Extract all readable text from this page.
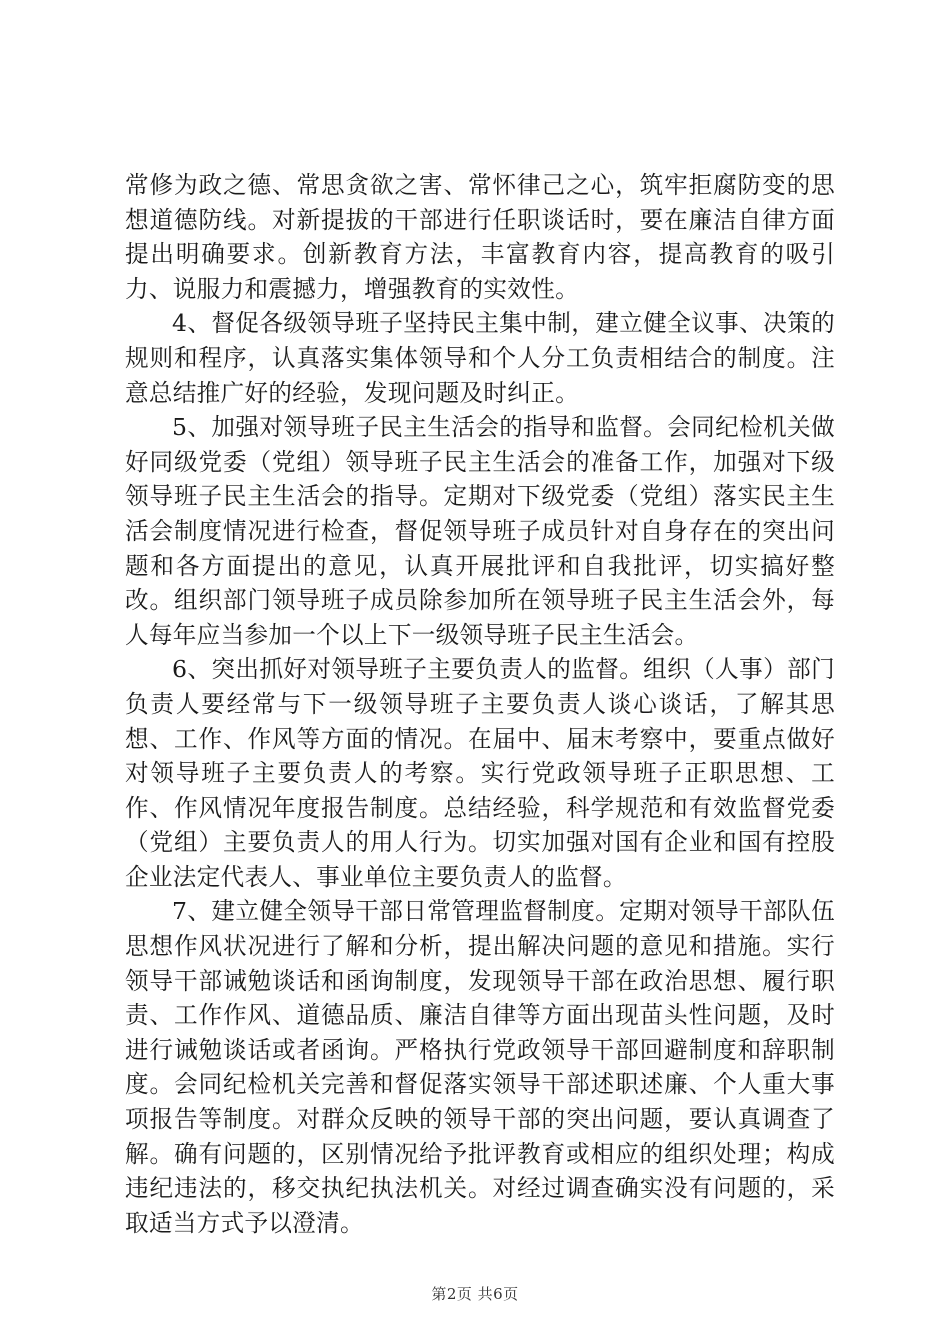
常修为政之德、常思贪欲之害、常怀律己之心，筑牢拒腐防变的思想道德防线。对新提拔的干部进行任职谈话时，要在廉洁自律方面提出明确要求。创新教育方法，丰富教育内容，提高教育的吸引力、说服力和震撼力，增强教育的实效性。

4、督促各级领导班子坚持民主集中制，建立健全议事、决策的规则和程序，认真落实集体领导和个人分工负责相结合的制度。注意总结推广好的经验，发现问题及时纠正。

5、加强对领导班子民主生活会的指导和监督。会同纪检机关做好同级党委（党组）领导班子民主生活会的准备工作，加强对下级领导班子民主生活会的指导。定期对下级党委（党组）落实民主生活会制度情况进行检查，督促领导班子成员针对自身存在的突出问题和各方面提出的意见，认真开展批评和自我批评，切实搞好整改。组织部门领导班子成员除参加所在领导班子民主生活会外，每人每年应当参加一个以上下一级领导班子民主生活会。

6、突出抓好对领导班子主要负责人的监督。组织（人事）部门负责人要经常与下一级领导班子主要负责人谈心谈话，了解其思想、工作、作风等方面的情况。在届中、届末考察中，要重点做好对领导班子主要负责人的考察。实行党政领导班子正职思想、工作、作风情况年度报告制度。总结经验，科学规范和有效监督党委（党组）主要负责人的用人行为。切实加强对国有企业和国有控股企业法定代表人、事业单位主要负责人的监督。

7、建立健全领导干部日常管理监督制度。定期对领导干部队伍思想作风状况进行了解和分析，提出解决问题的意见和措施。实行领导干部诫勉谈话和函询制度，发现领导干部在政治思想、履行职责、工作作风、道德品质、廉洁自律等方面出现苗头性问题，及时进行诫勉谈话或者函询。严格执行党政领导干部回避制度和辞职制度。会同纪检机关完善和督促落实领导干部述职述廉、个人重大事项报告等制度。对群众反映的领导干部的突出问题，要认真调查了解。确有问题的，区别情况给予批评教育或相应的组织处理；构成违纪违法的，移交执纪执法机关。对经过调查确实没有问题的，采取适当方式予以澄清。

第2页 共6页
